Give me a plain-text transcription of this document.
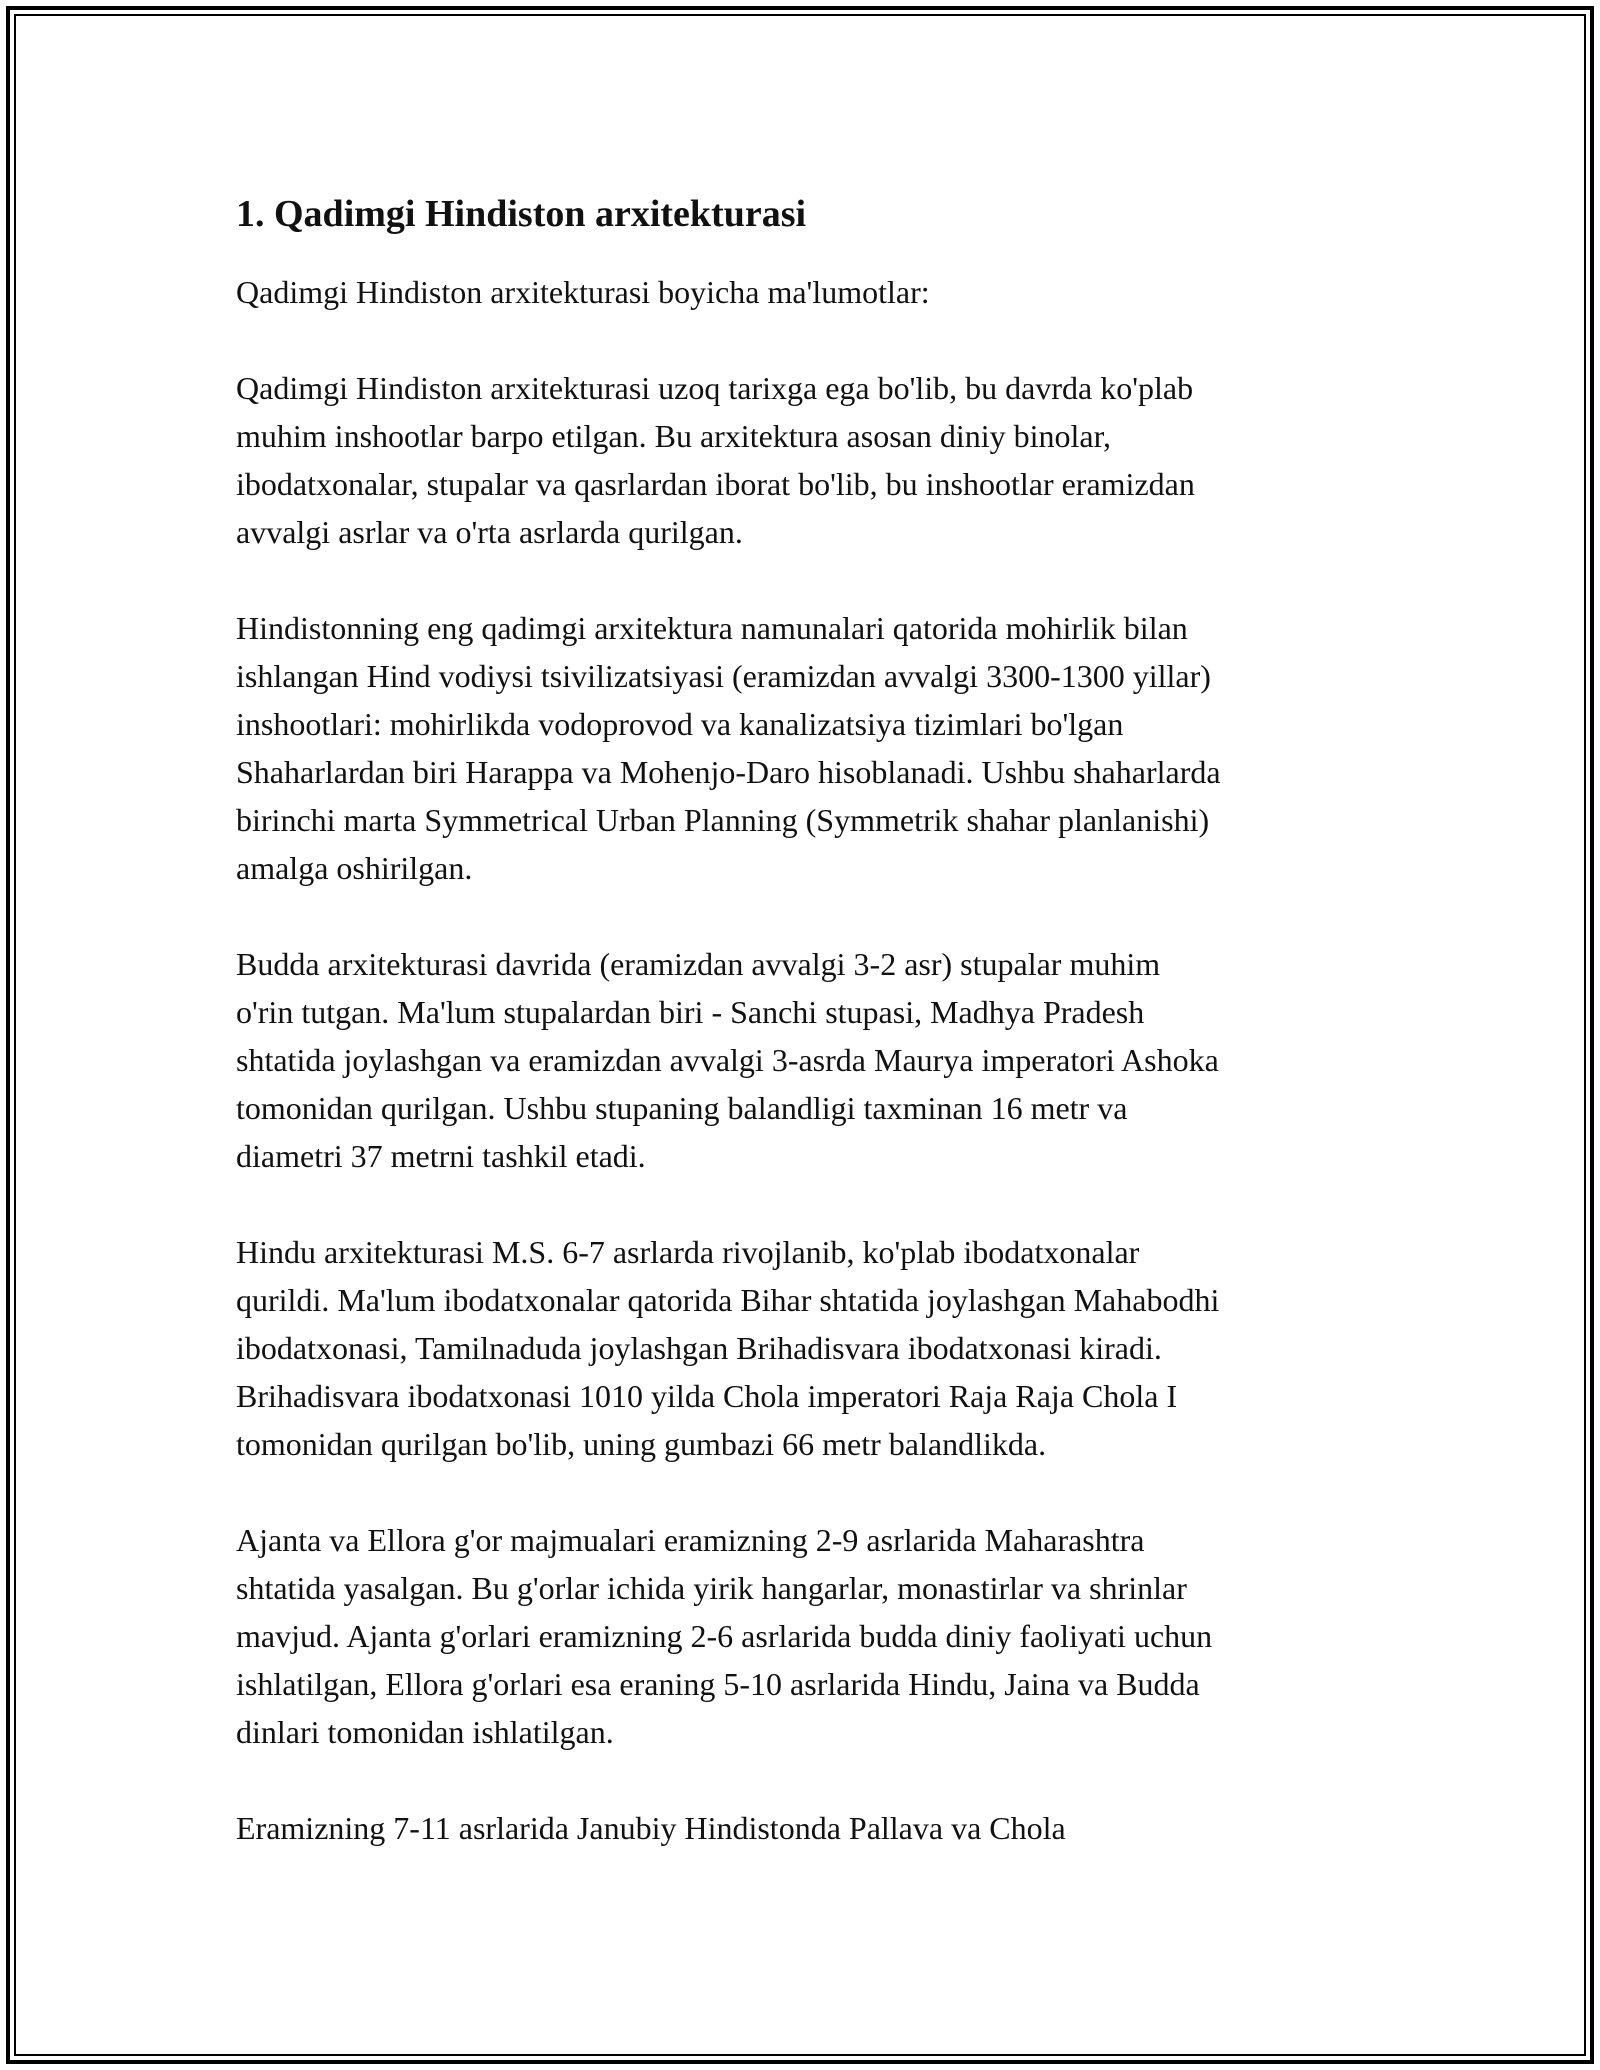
1. Qadimgi Hindiston arxitekturasi

Qadimgi Hindiston arxitekturasi boyicha ma'lumotlar:

Qadimgi Hindiston arxitekturasi uzoq tarixga ega bo'lib, bu davrda ko'plab
muhim inshootlar barpo etilgan. Bu arxitektura asosan diniy binolar,
ibodatxonalar, stupalar va qasrlardan iborat bo'lib, bu inshootlar eramizdan
avvalgi asrlar va o'rta asrlarda qurilgan.

Hindistonning eng qadimgi arxitektura namunalari qatorida mohirlik bilan
ishlangan Hind vodiysi tsivilizatsiyasi (eramizdan avvalgi 3300-1300 yillar)
inshootlari: mohirlikda vodoprovod va kanalizatsiya tizimlari bo'lgan
Shaharlardan biri Harappa va Mohenjo-Daro hisoblanadi. Ushbu shaharlarda
birinchi marta Symmetrical Urban Planning (Symmetrik shahar planlanishi)
amalga oshirilgan.

Budda arxitekturasi davrida (eramizdan avvalgi 3-2 asr) stupalar muhim
o'rin tutgan. Ma'lum stupalardan biri - Sanchi stupasi, Madhya Pradesh
shtatida joylashgan va eramizdan avvalgi 3-asrda Maurya imperatori Ashoka
tomonidan qurilgan. Ushbu stupaning balandligi taxminan 16 metr va
diametri 37 metrni tashkil etadi.

Hindu arxitekturasi M.S. 6-7 asrlarda rivojlanib, ko'plab ibodatxonalar
qurildi. Ma'lum ibodatxonalar qatorida Bihar shtatida joylashgan Mahabodhi
ibodatxonasi, Tamilnaduda joylashgan Brihadisvara ibodatxonasi kiradi.
Brihadisvara ibodatxonasi 1010 yilda Chola imperatori Raja Raja Chola I
tomonidan qurilgan bo'lib, uning gumbazi 66 metr balandlikda.

Ajanta va Ellora g'or majmualari eramizning 2-9 asrlarida Maharashtra
shtatida yasalgan. Bu g'orlar ichida yirik hangarlar, monastirlar va shrinlar
mavjud. Ajanta g'orlari eramizning 2-6 asrlarida budda diniy faoliyati uchun
ishlatilgan, Ellora g'orlari esa eraning 5-10 asrlarida Hindu, Jaina va Budda
dinlari tomonidan ishlatilgan.

Eramizning 7-11 asrlarida Janubiy Hindistonda Pallava va Chola
